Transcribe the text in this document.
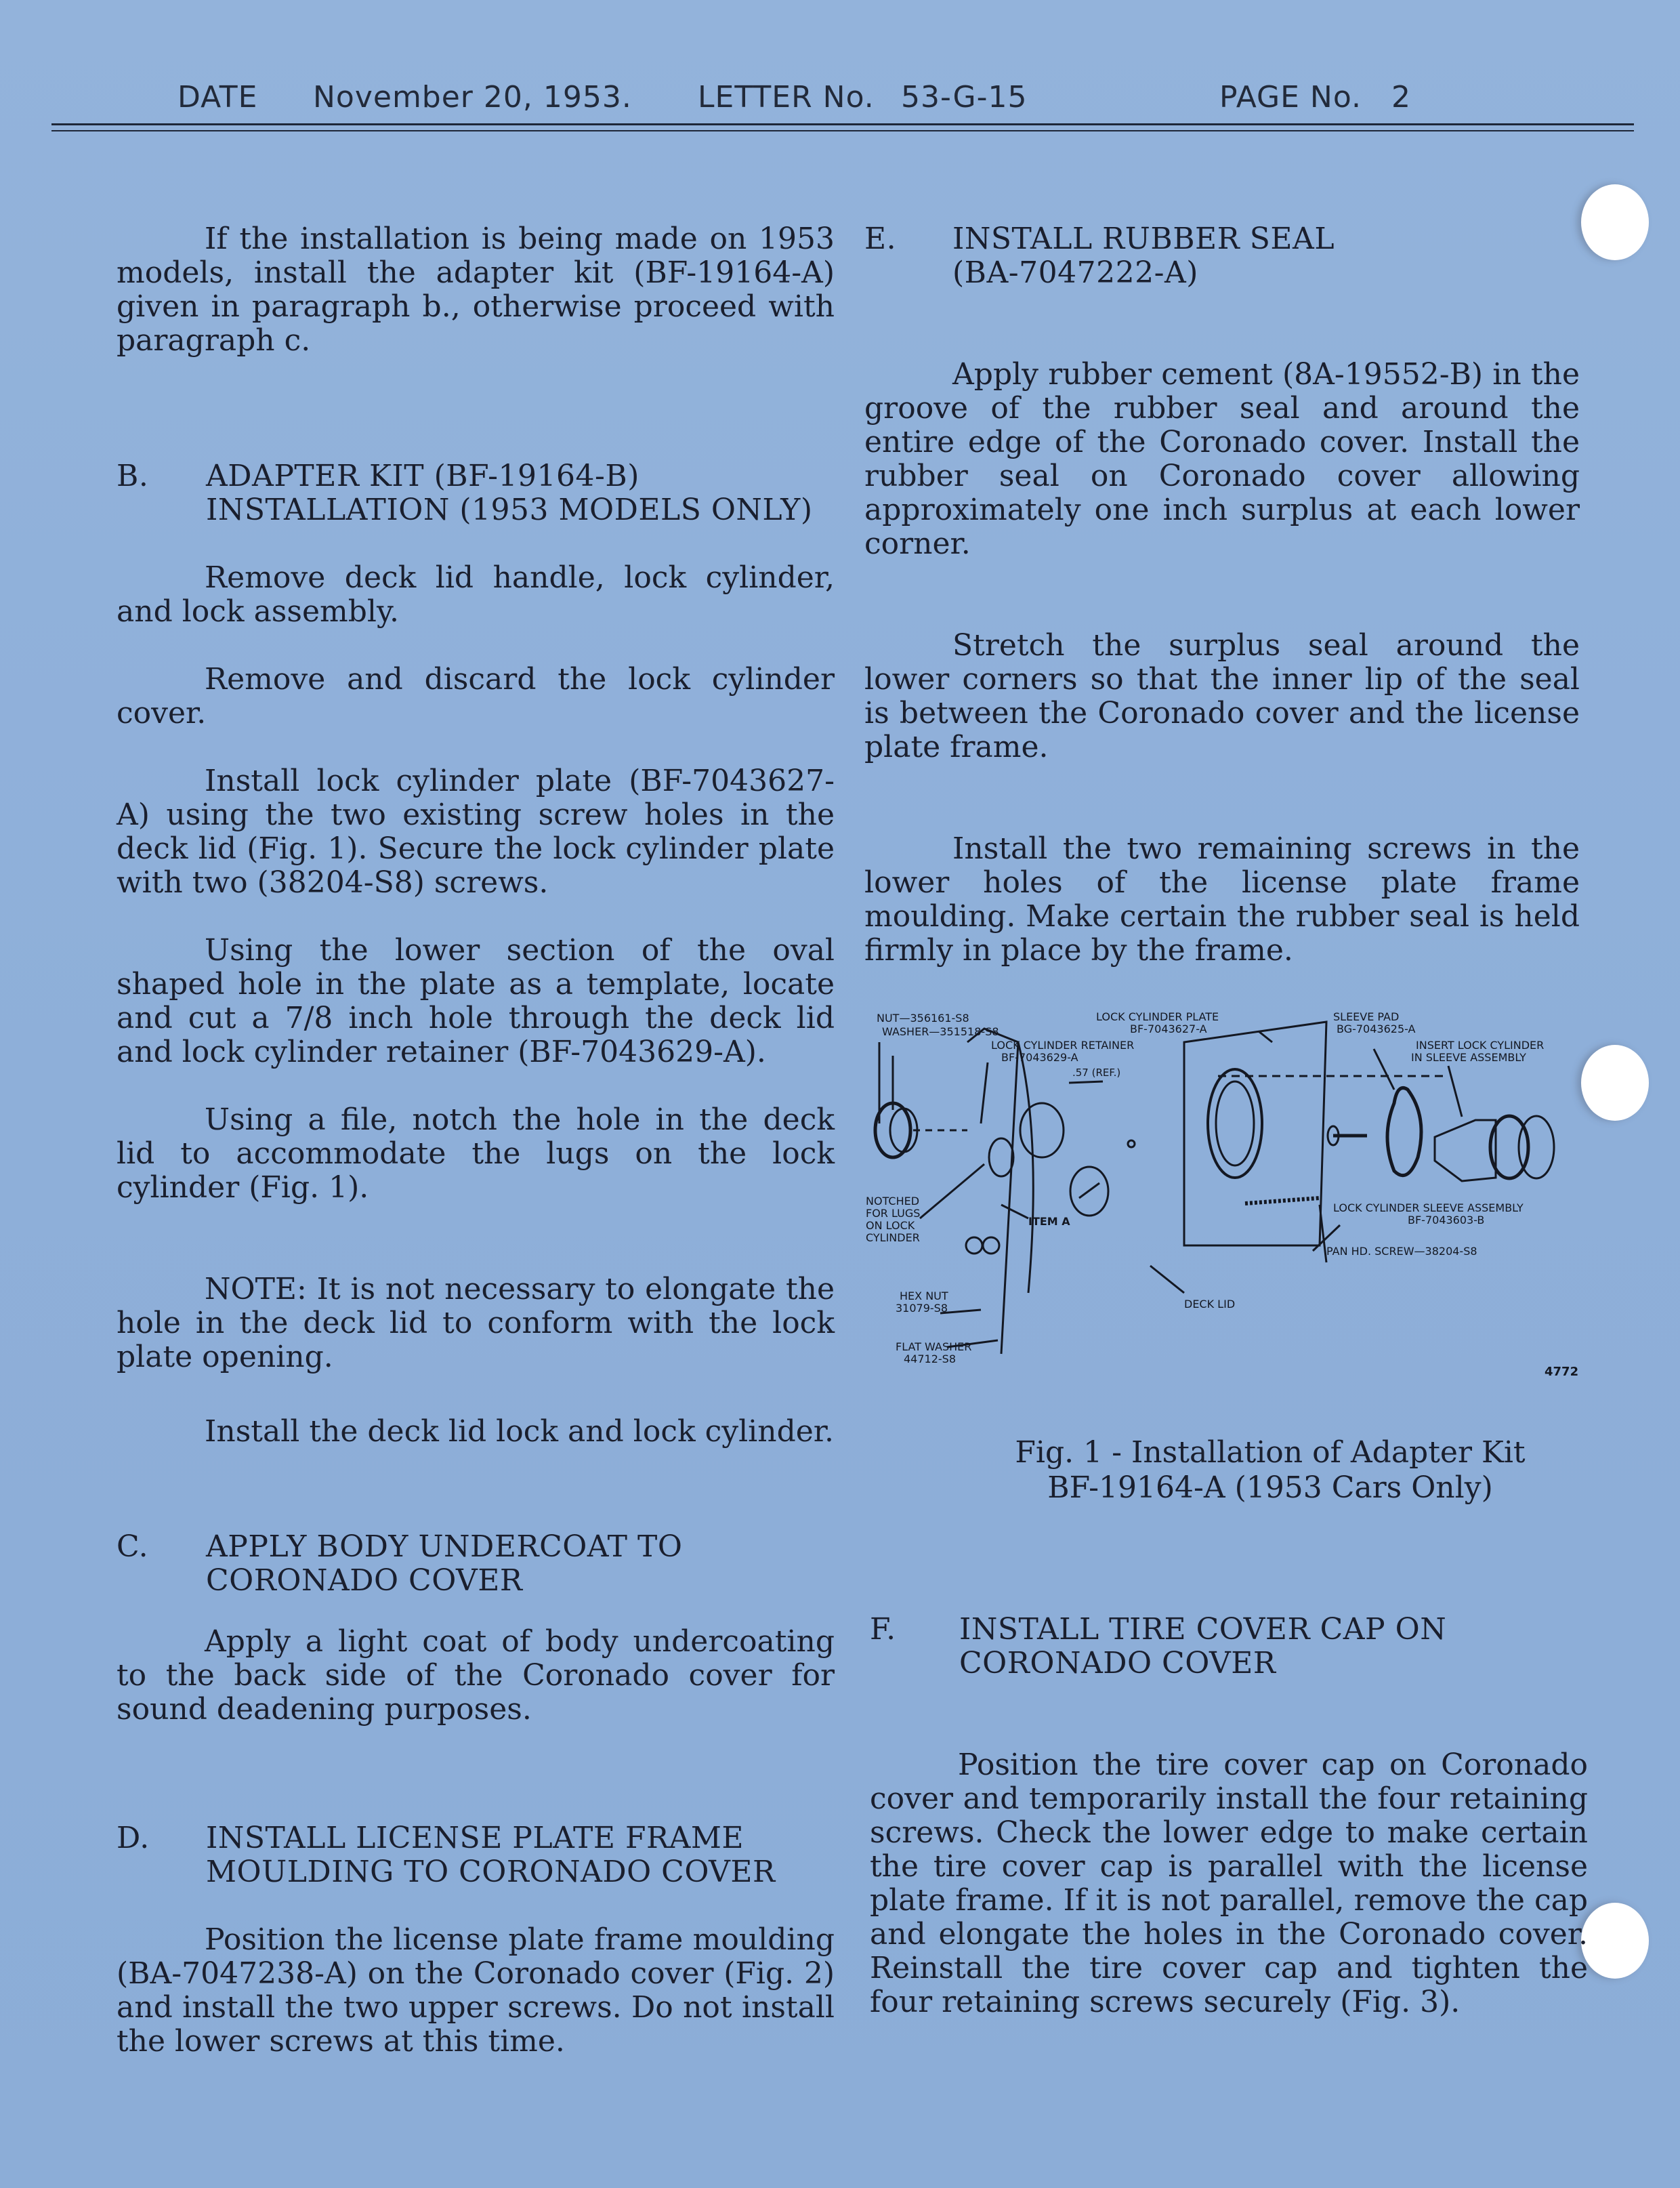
DATE November 20, 1953. LETTER No. 53-G-15	PAGE No. 2

If the installation is being made on 1953 models, install the adapter kit (BF-19164-A) given in paragraph b., otherwise proceed with paragraph c.

B.	ADAPTER KIT (BF-19164-B)
INSTALLATION (1953 MODELS ONLY)

Remove deck lid handle, lock cylinder, and lock assembly.

Remove and discard the lock cylinder cover.

Install lock cylinder plate (BF-7043627-A) using the two existing screw holes in the deck lid (Fig. 1). Secure the lock cylinder plate with two (38204-S8) screws.

Using the lower section of the oval shaped hole in the plate as a template, locate and cut a 7/8 inch hole through the deck lid and lock cylinder retainer (BF-7043629-A).

Using a file, notch the hole in the deck lid to accommodate the lugs on the lock cylinder (Fig. 1).

NOTE: It is not necessary to elongate the hole in the deck lid to conform with the lock plate opening.

Install the deck lid lock and lock cylinder.

C.	APPLY BODY UNDERCOAT TO
CORONADO COVER

Apply a light coat of body undercoating to the back side of the Coronado cover for sound deadening purposes.

D.	INSTALL LICENSE PLATE FRAME
MOULDING TO CORONADO COVER

Position the license plate frame moulding (BA-7047238-A) on the Coronado cover (Fig. 2) and install the two upper screws. Do not install the lower screws at this time.

E.	INSTALL RUBBER SEAL
(BA-7047222-A)

Apply rubber cement (8A-19552-B) in the groove of the rubber seal and around the entire edge of the Coronado cover. Install the rubber seal on Coronado cover allowing approximately one inch surplus at each lower corner.

Stretch the surplus seal around the lower corners so that the inner lip of the seal is between the Coronado cover and the license plate frame.

Install the two remaining screws in the lower holes of the license plate frame moulding. Make certain the rubber seal is held firmly in place by the frame.

NUT—356161-S8
WASHER—351518-S8
LOCK CYLINDER PLATE
BF-7043627-A
LOCK CYLINDER RETAINER
BF-7043629-A
.57 (REF.)
SLEEVE PAD
BG-7043625-A
INSERT LOCK CYLINDER
IN SLEEVE ASSEMBLY
NOTCHED
FOR LUGS
ON LOCK
CYLINDER
ITEM A
LOCK CYLINDER SLEEVE ASSEMBLY
BF-7043603-B
PAN HD. SCREW—38204-S8
HEX NUT
31079-S8	DECK LID
FLAT WASHER
44712-S8
4772
Fig. 1 - Installation of Adapter Kit
BF-19164-A (1953 Cars Only)
F.	INSTALL TIRE COVER CAP ON
CORONADO COVER

Position the tire cover cap on Coronado cover and temporarily install the four retaining screws. Check the lower edge to make certain the tire cover cap is parallel with the license plate frame. If it is not parallel, remove the cap and elongate the holes in the Coronado cover. Reinstall the tire cover cap and tighten the four retaining screws securely (Fig. 3).
